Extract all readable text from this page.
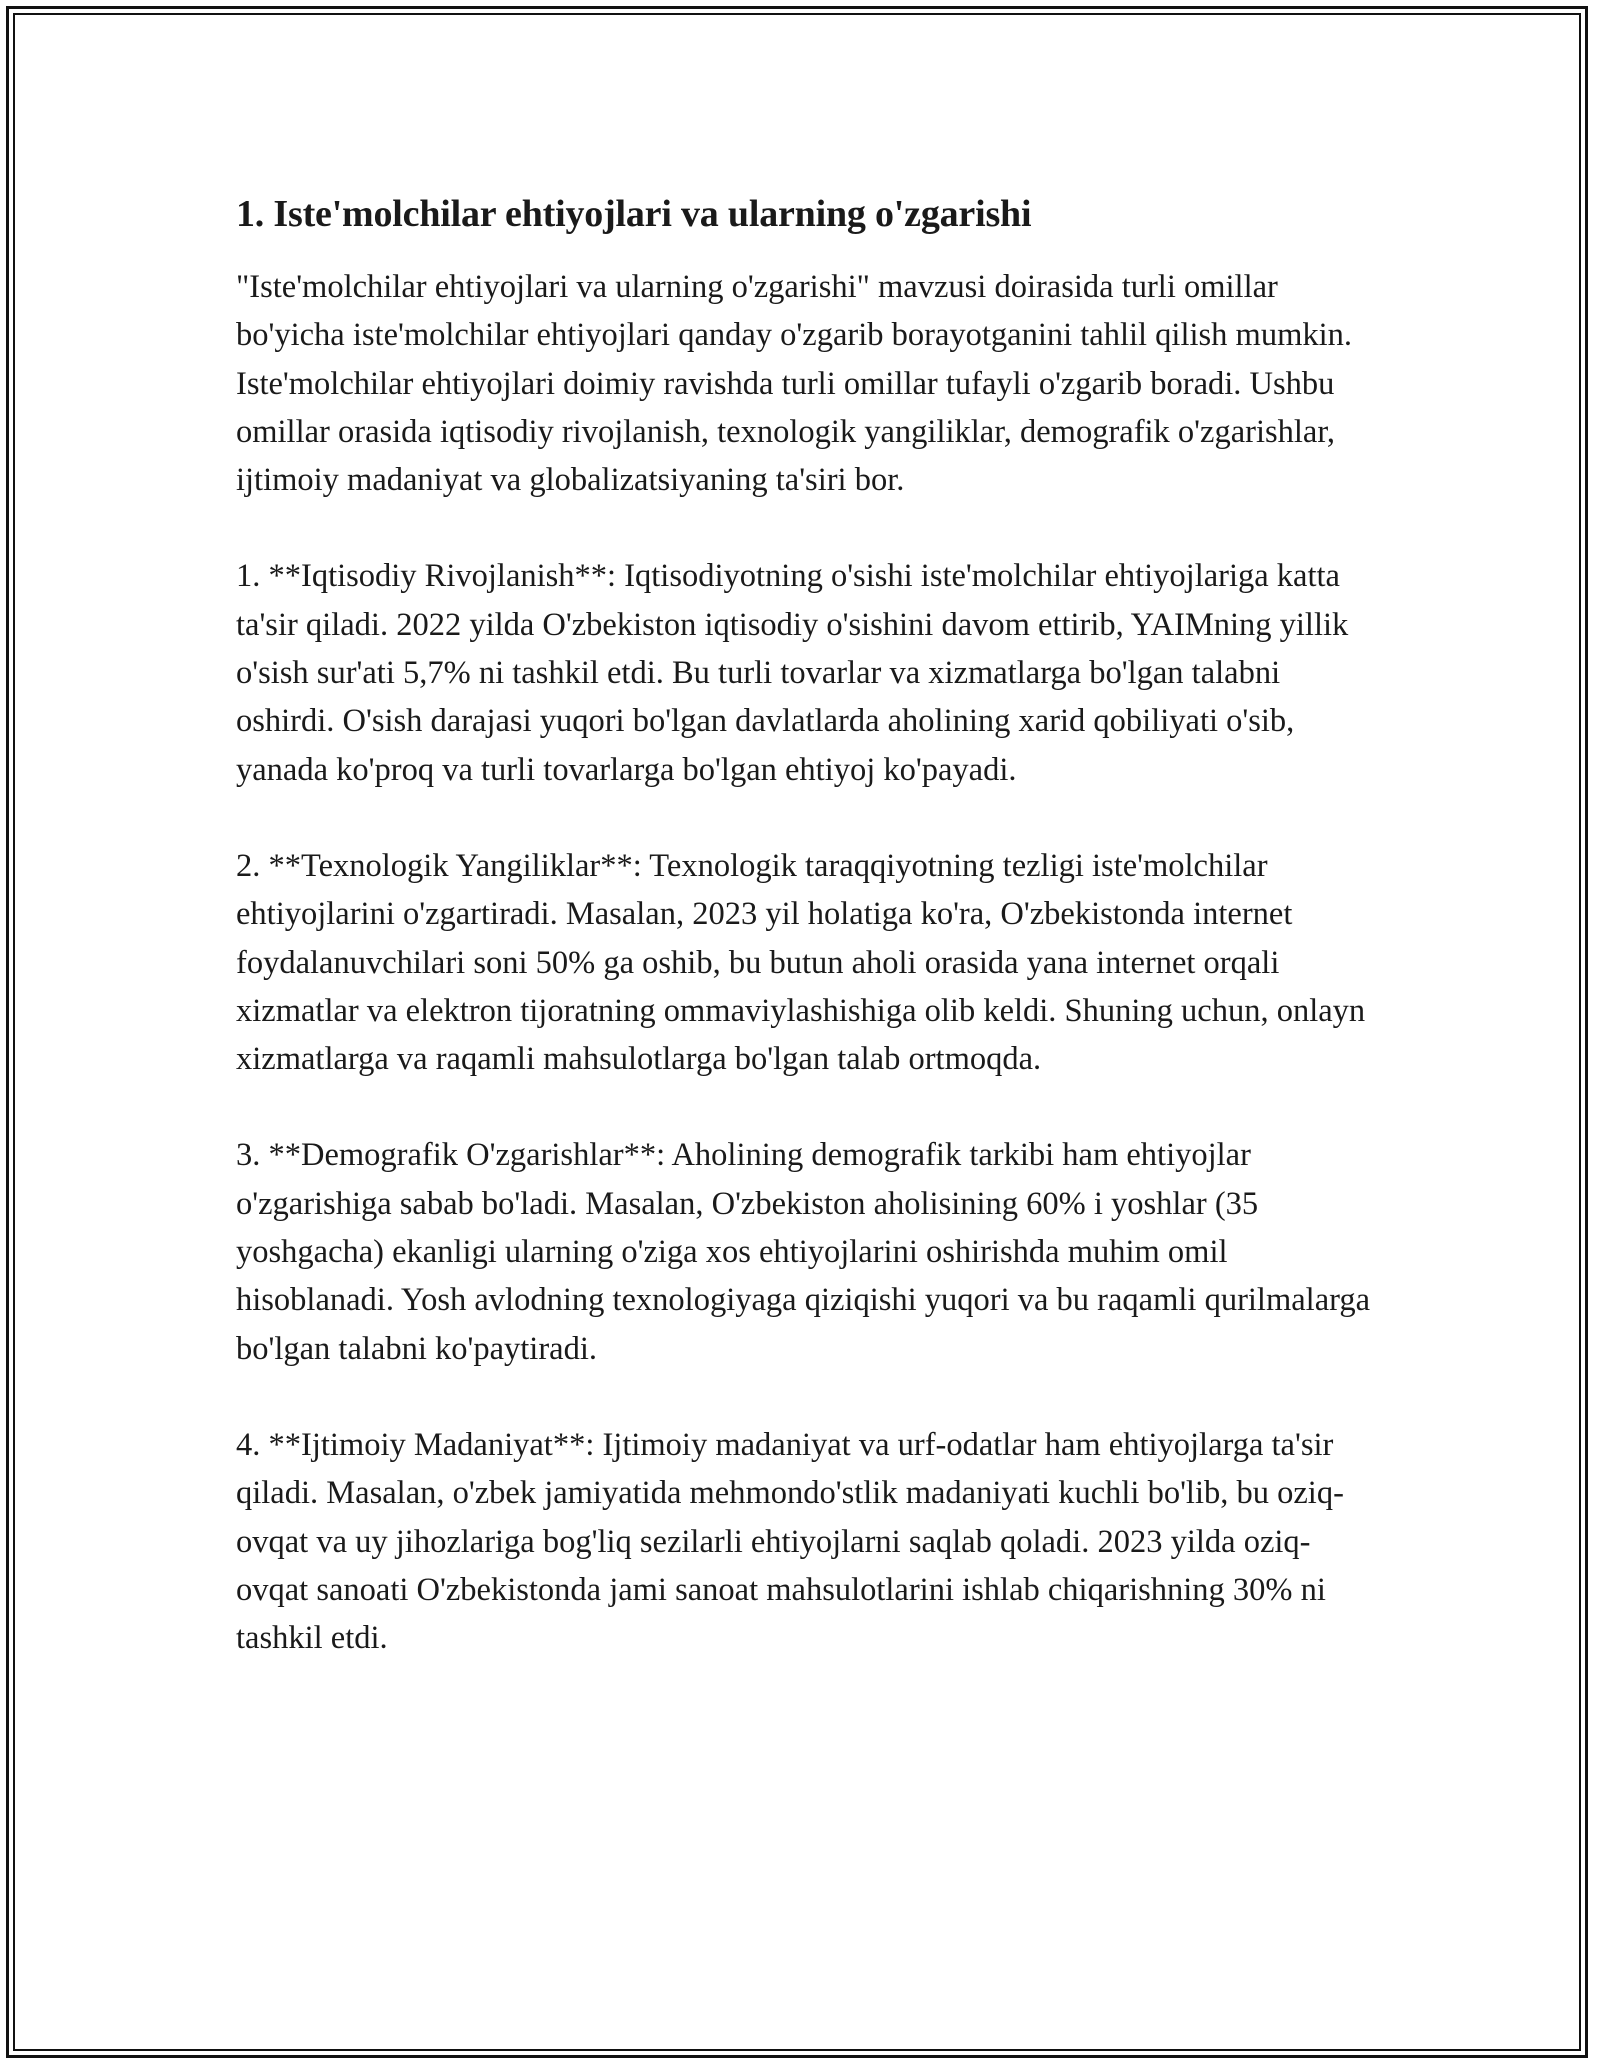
1. Iste'molchilar ehtiyojlari va ularning o'zgarishi

"Iste'molchilar ehtiyojlari va ularning o'zgarishi" mavzusi doirasida turli omillar bo'yicha iste'molchilar ehtiyojlari qanday o'zgarib borayotganini tahlil qilish mumkin. Iste'molchilar ehtiyojlari doimiy ravishda turli omillar tufayli o'zgarib boradi. Ushbu omillar orasida iqtisodiy rivojlanish, texnologik yangiliklar, demografik o'zgarishlar, ijtimoiy madaniyat va globalizatsiyaning ta'siri bor.

1. **Iqtisodiy Rivojlanish**: Iqtisodiyotning o'sishi iste'molchilar ehtiyojlariga katta ta'sir qiladi. 2022 yilda O'zbekiston iqtisodiy o'sishini davom ettirib, YAIMning yillik o'sish sur'ati 5,7% ni tashkil etdi. Bu turli tovarlar va xizmatlarga bo'lgan talabni oshirdi. O'sish darajasi yuqori bo'lgan davlatlarda aholining xarid qobiliyati o'sib, yanada ko'proq va turli tovarlarga bo'lgan ehtiyoj ko'payadi.

2. **Texnologik Yangiliklar**: Texnologik taraqqiyotning tezligi iste'molchilar ehtiyojlarini o'zgartiradi. Masalan, 2023 yil holatiga ko'ra, O'zbekistonda internet foydalanuvchilari soni 50% ga oshib, bu butun aholi orasida yana internet orqali xizmatlar va elektron tijoratning ommaviylashishiga olib keldi. Shuning uchun, onlayn xizmatlarga va raqamli mahsulotlarga bo'lgan talab ortmoqda.

3. **Demografik O'zgarishlar**: Aholining demografik tarkibi ham ehtiyojlar o'zgarishiga sabab bo'ladi. Masalan, O'zbekiston aholisining 60% i yoshlar (35 yoshgacha) ekanligi ularning o'ziga xos ehtiyojlarini oshirishda muhim omil hisoblanadi. Yosh avlodning texnologiyaga qiziqishi yuqori va bu raqamli qurilmalarga bo'lgan talabni ko'paytiradi.

4. **Ijtimoiy Madaniyat**: Ijtimoiy madaniyat va urf-odatlar ham ehtiyojlarga ta'sir qiladi. Masalan, o'zbek jamiyatida mehmondo'stlik madaniyati kuchli bo'lib, bu oziq-ovqat va uy jihozlariga bog'liq sezilarli ehtiyojlarni saqlab qoladi. 2023 yilda oziq-ovqat sanoati O'zbekistonda jami sanoat mahsulotlarini ishlab chiqarishning 30% ni tashkil etdi.
